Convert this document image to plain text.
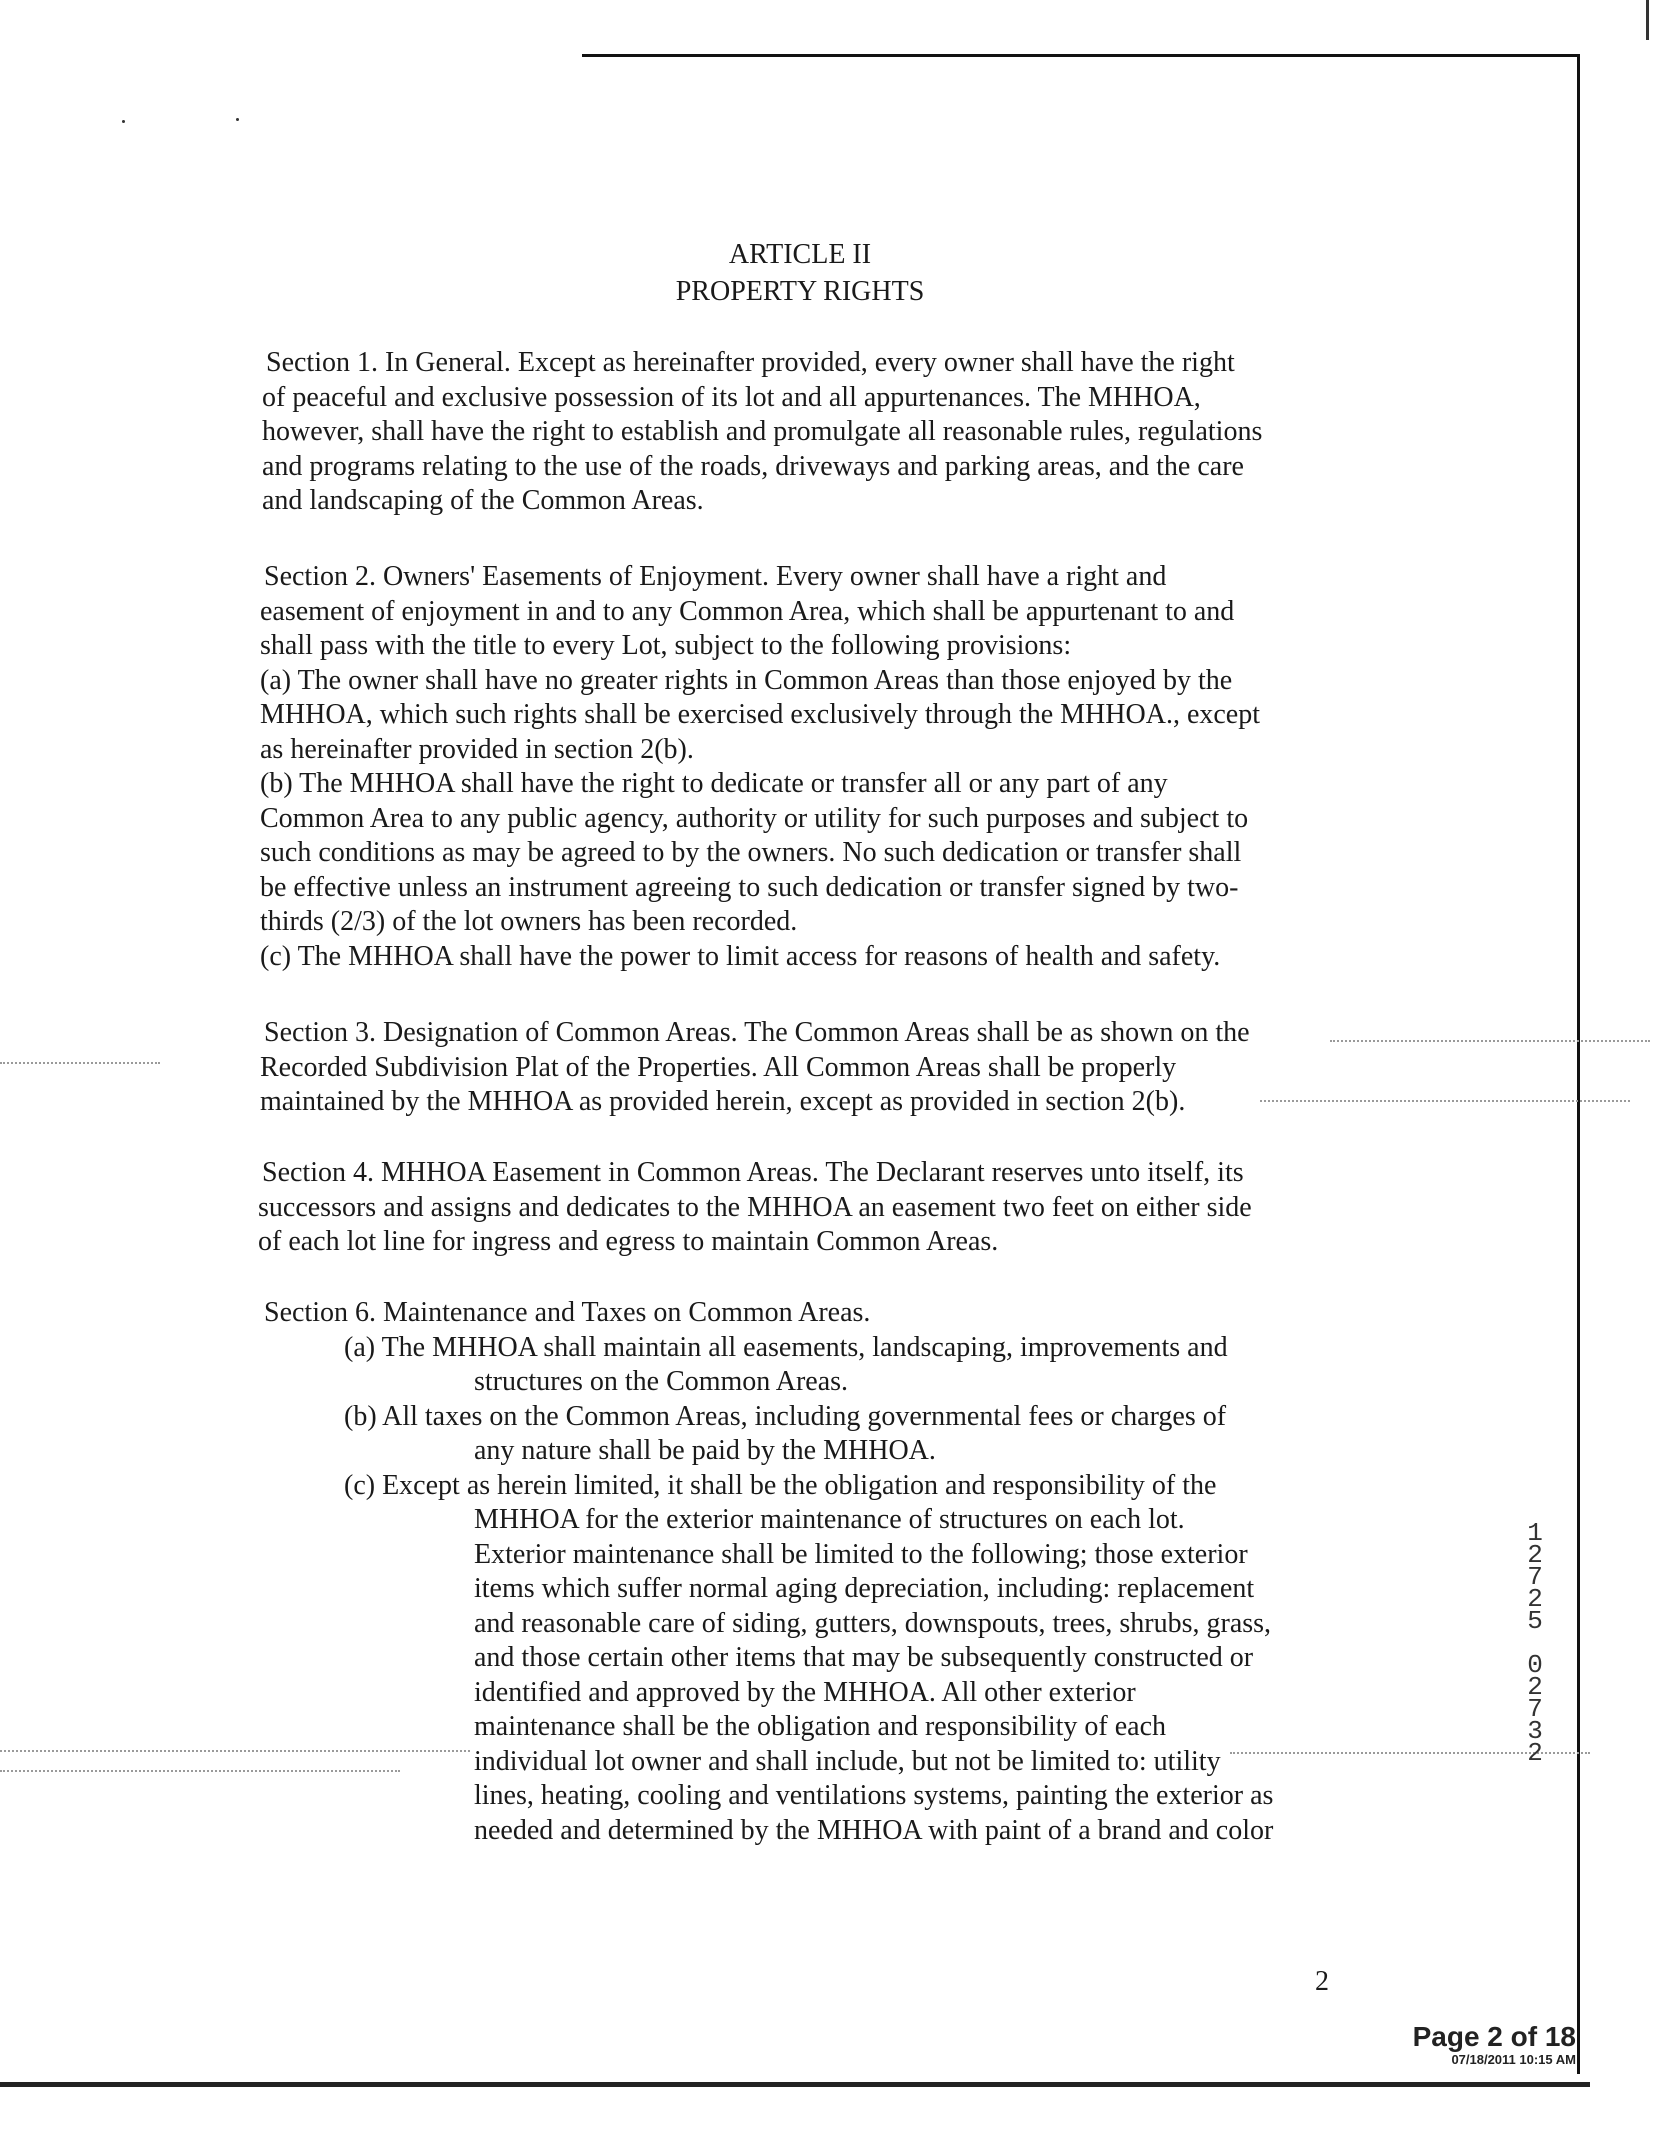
ARTICLE II
PROPERTY RIGHTS
Section 1. In General. Except as hereinafter provided, every owner shall have the right
of peaceful and exclusive possession of its lot and all appurtenances. The MHHOA,
however, shall have the right to establish and promulgate all reasonable rules, regulations
and programs relating to the use of the roads, driveways and parking areas, and the care
and landscaping of the Common Areas.
Section 2. Owners' Easements of Enjoyment. Every owner shall have a right and
easement of enjoyment in and to any Common Area, which shall be appurtenant to and
shall pass with the title to every Lot, subject to the following provisions:
(a) The owner shall have no greater rights in Common Areas than those enjoyed by the
MHHOA, which such rights shall be exercised exclusively through the MHHOA., except
as hereinafter provided in section 2(b).
(b) The MHHOA shall have the right to dedicate or transfer all or any part of any
Common Area to any public agency, authority or utility for such purposes and subject to
such conditions as may be agreed to by the owners. No such dedication or transfer shall
be effective unless an instrument agreeing to such dedication or transfer signed by two-
thirds (2/3) of the lot owners has been recorded.
(c) The MHHOA shall have the power to limit access for reasons of health and safety.
Section 3. Designation of Common Areas. The Common Areas shall be as shown on the
Recorded Subdivision Plat of the Properties. All Common Areas shall be properly
maintained by the MHHOA as provided herein, except as provided in section 2(b).
Section 4. MHHOA Easement in Common Areas. The Declarant reserves unto itself, its
successors and assigns and dedicates to the MHHOA an easement two feet on either side
of each lot line for ingress and egress to maintain Common Areas.
Section 6. Maintenance and Taxes on Common Areas.
(a) The MHHOA shall maintain all easements, landscaping, improvements and
structures on the Common Areas.
(b) All taxes on the Common Areas, including governmental fees or charges of
any nature shall be paid by the MHHOA.
(c) Except as herein limited, it shall be the obligation and responsibility of the
MHHOA for the exterior maintenance of structures on each lot.
Exterior maintenance shall be limited to the following; those exterior
items which suffer normal aging depreciation, including: replacement
and reasonable care of siding, gutters, downspouts, trees, shrubs, grass,
and those certain other items that may be subsequently constructed or
identified and approved by the MHHOA. All other exterior
maintenance shall be the obligation and responsibility of each
individual lot owner and shall include, but not be limited to: utility
lines, heating, cooling and ventilations systems, painting the exterior as
needed and determined by the MHHOA with paint of a brand and color
1
2
7
2
5
0
2
7
3
2
2
Page 2 of 18
07/18/2011 10:15 AM
